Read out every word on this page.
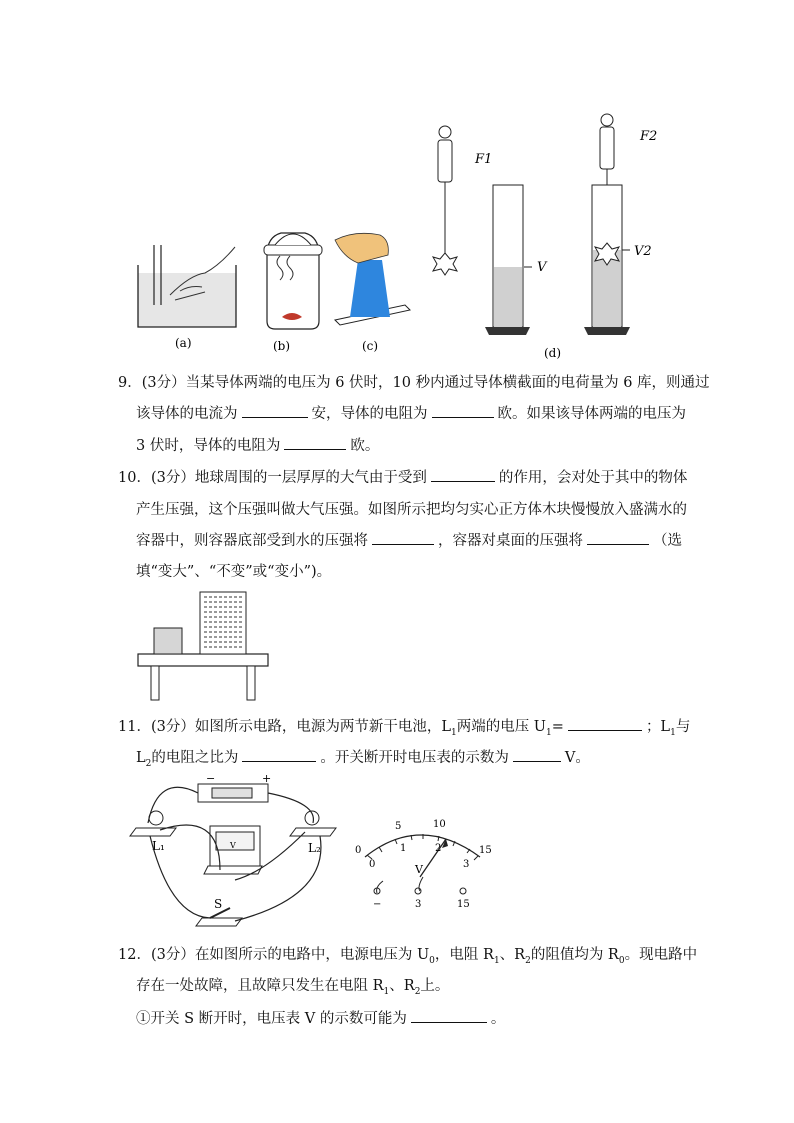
F1
F2
V
V2
(a)	(b)	(c)	(d)
9．(3分）当某导体两端的电压为 6 伏时，10 秒内通过导体横截面的电荷量为 6 库，则通过
该导体的电流为	安，导体的电阻为	欧。如果该导体两端的电压为
3 伏时，导体的电阻为	欧。
10．(3分）地球周围的一层厚厚的大气由于受到	的作用，会对处于其中的物体
产生压强，这个压强叫做大气压强。如图所示把均匀实心正方体木块慢慢放入盛满水的
容器中，则容器底部受到水的压强将	，容器对桌面的压强将	（选
填“变大”、“不变”或“变小”)。
11．(3分）如图所示电路，电源为两节新干电池，$L_1$两端的电压 $U_1=$	；$L_1$与
$L_2$的电阻之比为	。开关断开时电压表的示数为	V。
−	+
L₁	L₂
V
S
0
5	10
15
0
1	2
3
V
−	3	15
12．(3分）在如图所示的电路中，电源电压为 $U_0$，电阻 $R_1$、$R_2$的阻值均为 $R_0$。现电路中
存在一处故障，且故障只发生在电阻 $R_1$、$R_2$上。
①开关 S 断开时，电压表 V 的示数可能为	。
